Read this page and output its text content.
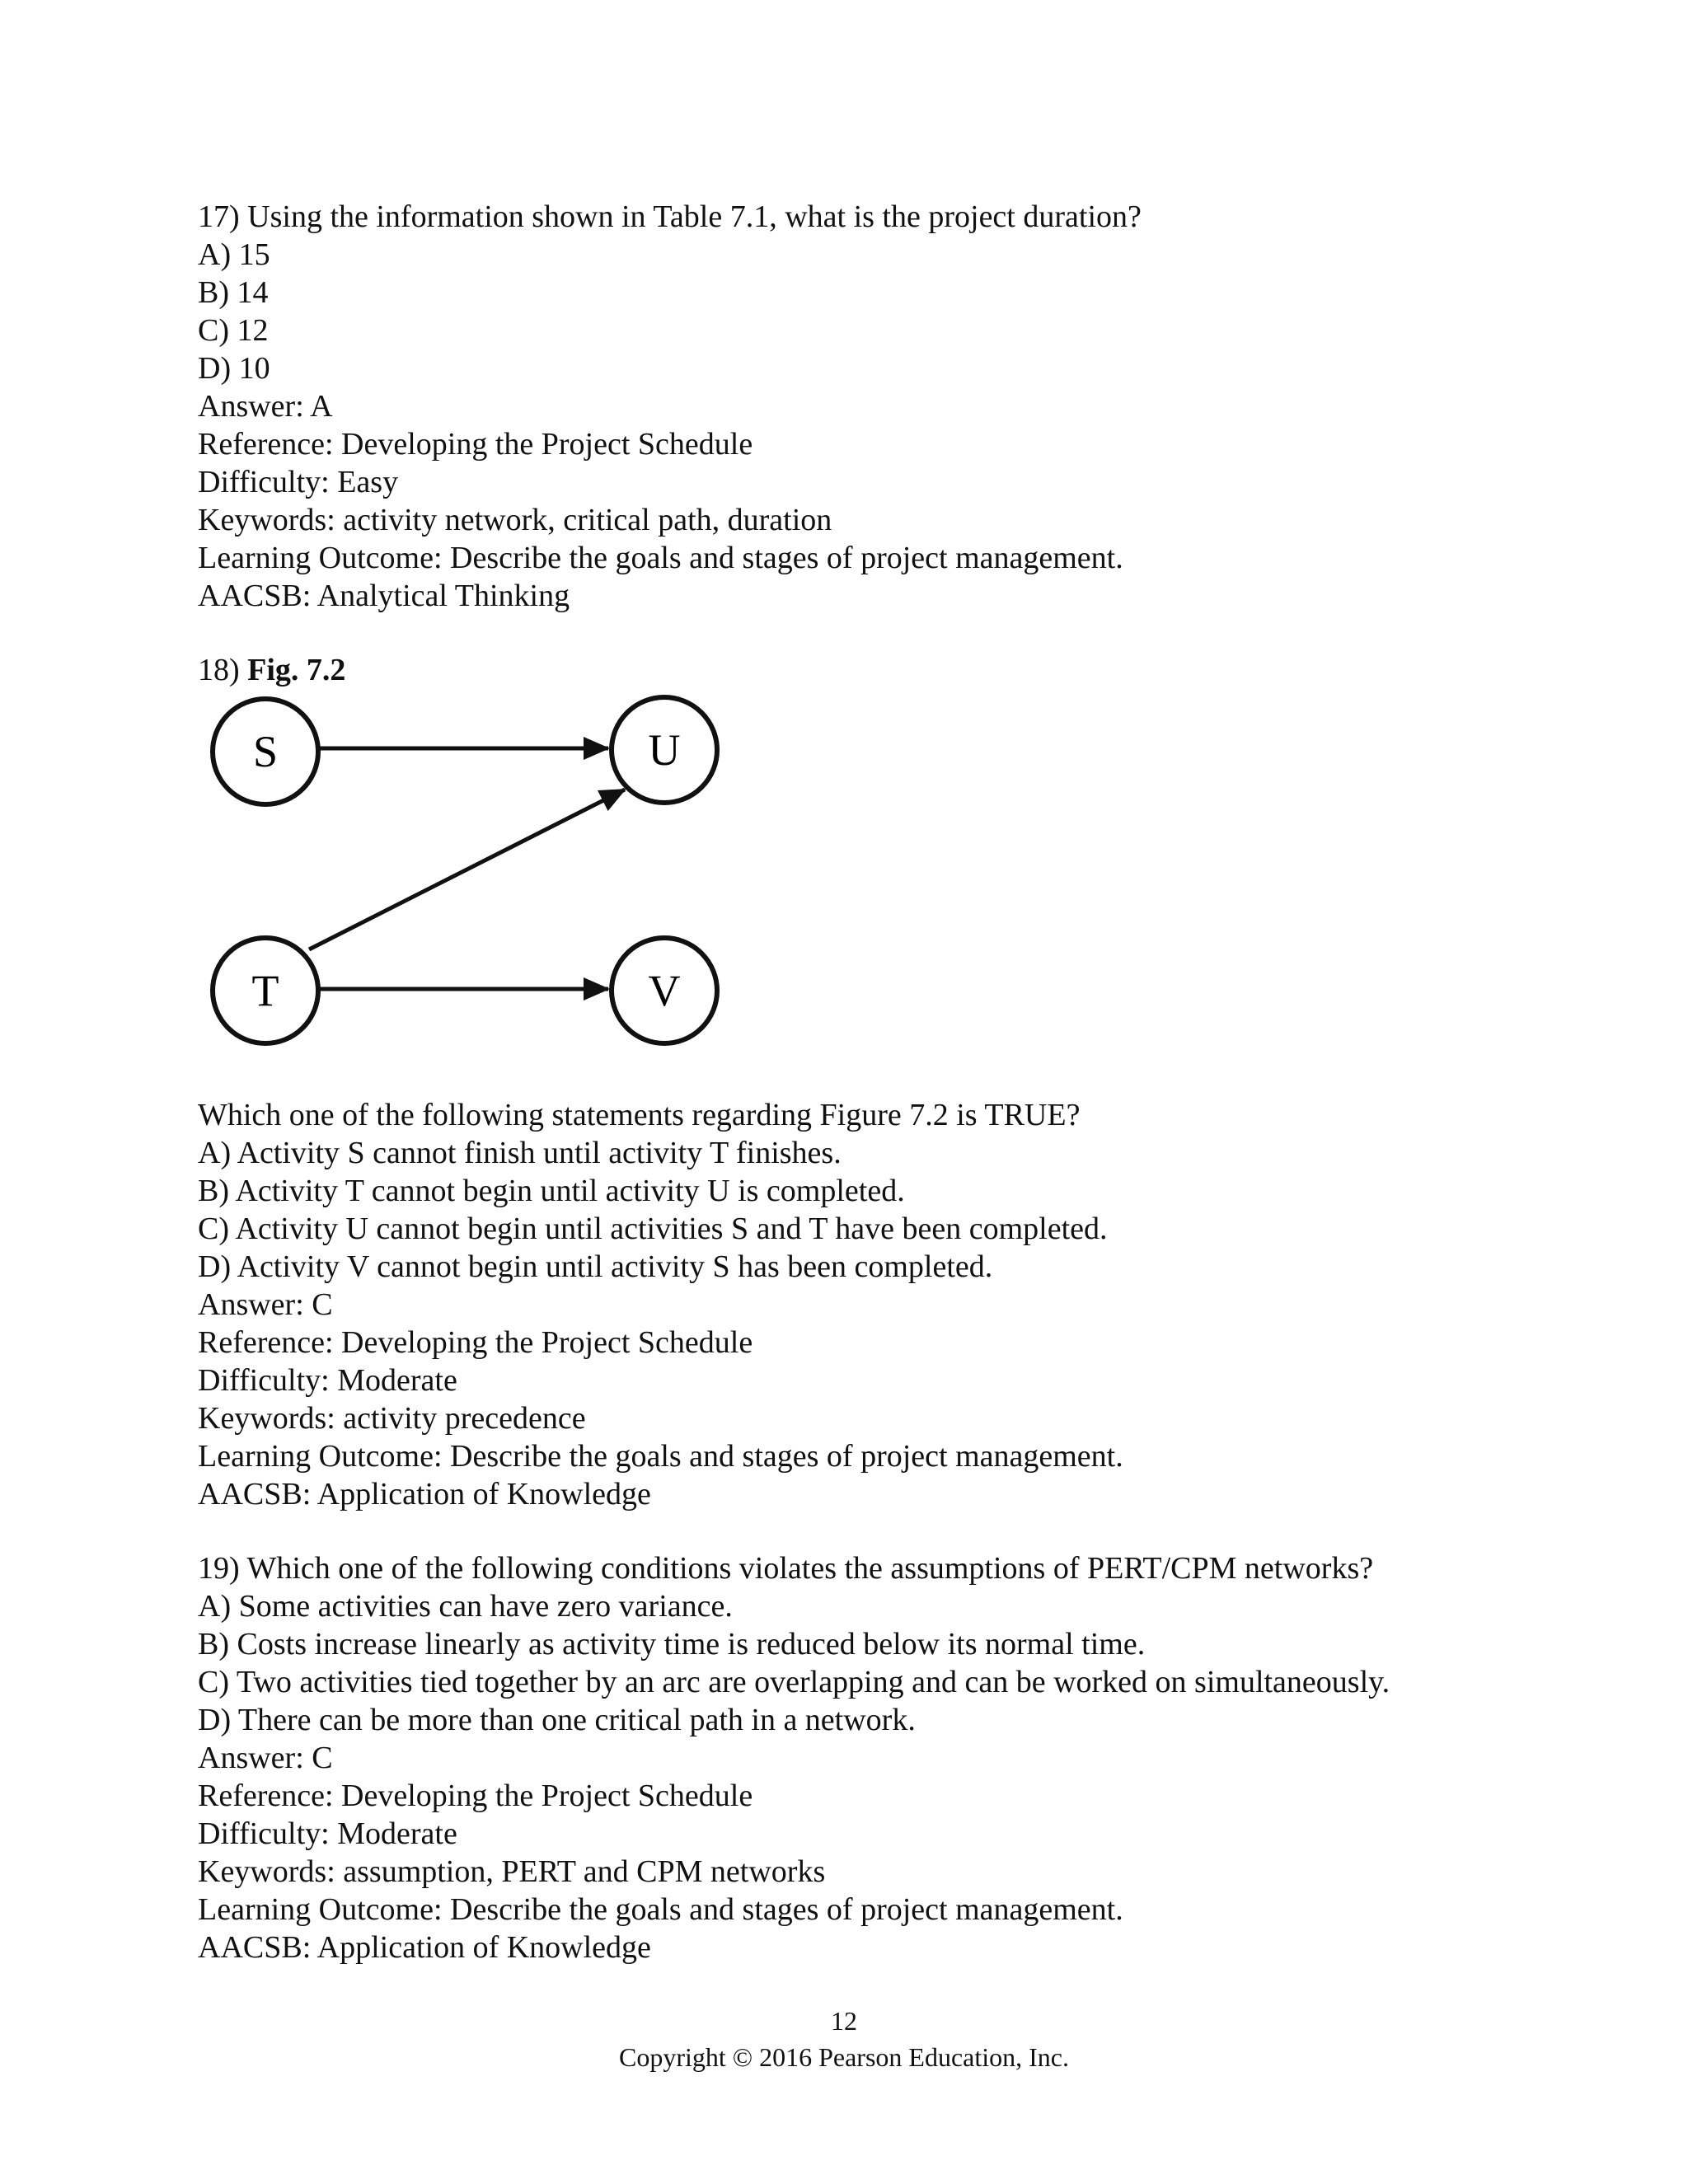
17) Using the information shown in Table 7.1, what is the project duration?
A) 15
B) 14
C) 12
D) 10
Answer: A
Reference: Developing the Project Schedule
Difficulty: Easy
Keywords: activity network, critical path, duration
Learning Outcome: Describe the goals and stages of project management.
AACSB: Analytical Thinking
18) Fig. 7.2
S	U
T	V
Which one of the following statements regarding Figure 7.2 is TRUE?
A) Activity S cannot finish until activity T finishes.
B) Activity T cannot begin until activity U is completed.
C) Activity U cannot begin until activities S and T have been completed.
D) Activity V cannot begin until activity S has been completed.
Answer: C
Reference: Developing the Project Schedule
Difficulty: Moderate
Keywords: activity precedence
Learning Outcome: Describe the goals and stages of project management.
AACSB: Application of Knowledge
19) Which one of the following conditions violates the assumptions of PERT/CPM networks?
A) Some activities can have zero variance.
B) Costs increase linearly as activity time is reduced below its normal time.
C) Two activities tied together by an arc are overlapping and can be worked on simultaneously.
D) There can be more than one critical path in a network.
Answer: C
Reference: Developing the Project Schedule
Difficulty: Moderate
Keywords: assumption, PERT and CPM networks
Learning Outcome: Describe the goals and stages of project management.
AACSB: Application of Knowledge
12
Copyright © 2016 Pearson Education, Inc.
